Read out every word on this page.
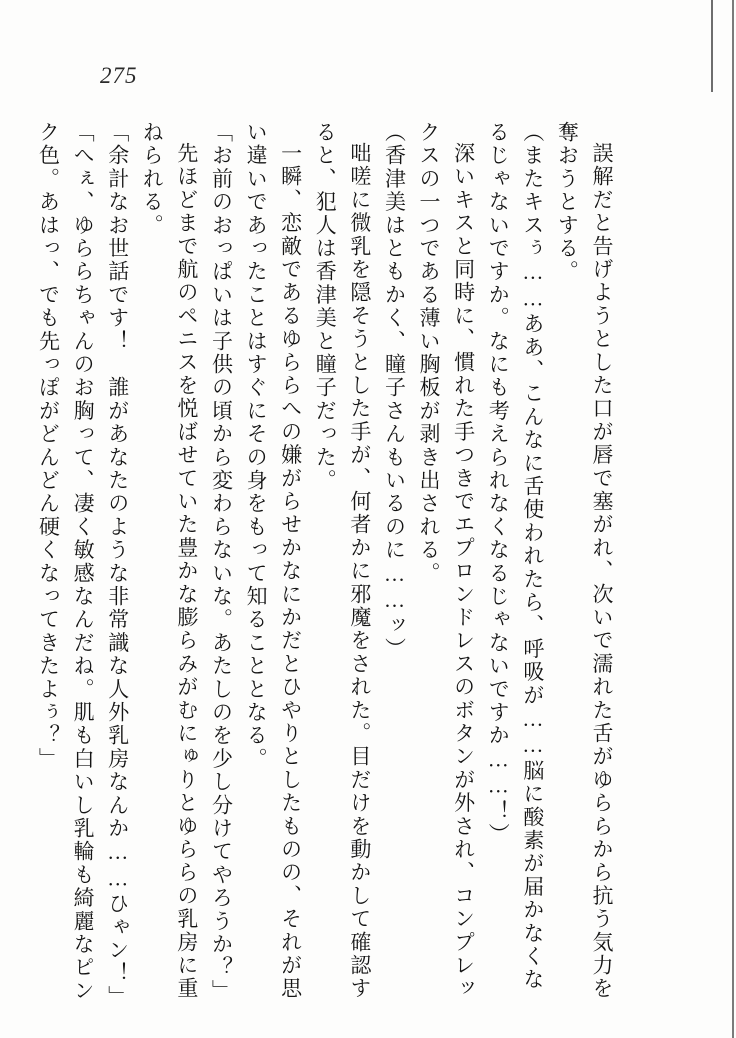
275

誤解だと告げようとした口が唇で塞がれ、次いで濡れた舌がゆららから抗う気力を奪おうとする。

（またキスぅ……ああ、こんなに舌使われたら、呼吸が……脳に酸素が届かなくなるじゃないですか。なにも考えられなくなるじゃないですか……！）

深いキスと同時に、慣れた手つきでエプロンドレスのボタンが外され、コンプレックスの一つである薄い胸板が剥き出される。

（香津美はともかく、瞳子さんもいるのに……ッ）

咄嗟に微乳を隠そうとした手が、何者かに邪魔をされた。目だけを動かして確認すると、犯人は香津美と瞳子だった。

一瞬、恋敵であるゆららへの嫌がらせかなにかだとひやりとしたものの、それが思い違いであったことはすぐにその身をもって知ることとなる。

「お前のおっぱいは子供の頃から変わらないな。あたしのを少し分けてやろうか？」

先ほどまで航のペニスを悦ばせていた豊かな膨らみがむにゅりとゆららの乳房に重ねられる。

「余計なお世話です！　誰があなたのような非常識な人外乳房なんか……ひゃン！」

「へぇ、ゆららちゃんのお胸って、凄く敏感なんだね。肌も白いし乳輪も綺麗なピンク色。あはっ、でも先っぽがどんどん硬くなってきたよぅ？」
